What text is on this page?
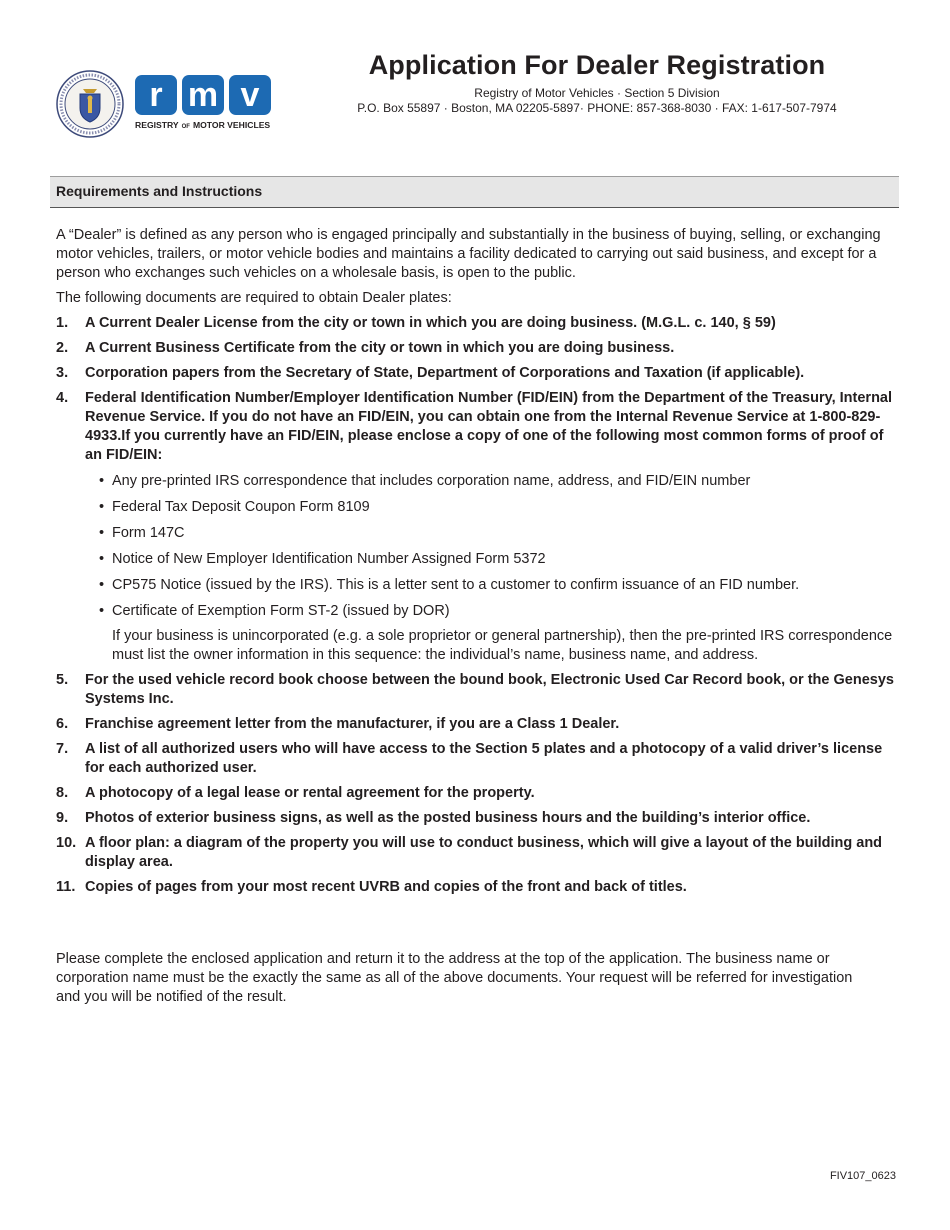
r m v
REGISTRY OF MOTOR VEHICLES
Application For Dealer Registration
Registry of Motor Vehicles · Section 5 Division
P.O. Box 55897 · Boston, MA 02205-5897· PHONE: 857-368-8030 · FAX: 1-617-507-7974
Requirements and Instructions

A “Dealer” is defined as any person who is engaged principally and substantially in the business of buying, selling, or exchanging motor vehicles, trailers, or motor vehicle bodies and maintains a facility dedicated to carrying out said business, and except for a person who exchanges such vehicles on a wholesale basis, is open to the public.

The following documents are required to obtain Dealer plates:

1. A Current Dealer License from the city or town in which you are doing business. (M.G.L. c. 140, § 59)
2. A Current Business Certificate from the city or town in which you are doing business.
3. Corporation papers from the Secretary of State, Department of Corporations and Taxation (if applicable).
4. Federal Identification Number/Employer Identification Number (FID/EIN) from the Department of the Treasury, Internal Revenue Service. If you do not have an FID/EIN, you can obtain one from the Internal Revenue Service at 1-800-829-4933.If you currently have an FID/EIN, please enclose a copy of one of the following most common forms of proof of an FID/EIN:
• Any pre-printed IRS correspondence that includes corporation name, address, and FID/EIN number
• Federal Tax Deposit Coupon Form 8109
• Form 147C
• Notice of New Employer Identification Number Assigned Form 5372
• CP575 Notice (issued by the IRS). This is a letter sent to a customer to confirm issuance of an FID number.
• Certificate of Exemption Form ST-2 (issued by DOR)
If your business is unincorporated (e.g. a sole proprietor or general partnership), then the pre-printed IRS correspondence must list the owner information in this sequence: the individual’s name, business name, and address.
5. For the used vehicle record book choose between the bound book, Electronic Used Car Record book, or the Genesys Systems Inc.
6. Franchise agreement letter from the manufacturer, if you are a Class 1 Dealer.
7. A list of all authorized users who will have access to the Section 5 plates and a photocopy of a valid driver’s license for each authorized user.
8. A photocopy of a legal lease or rental agreement for the property.
9. Photos of exterior business signs, as well as the posted business hours and the building’s interior office.
10. A floor plan: a diagram of the property you will use to conduct business, which will give a layout of the building and display area.
11. Copies of pages from your most recent UVRB and copies of the front and back of titles.
Please complete the enclosed application and return it to the address at the top of the application. The business name or corporation name must be the exactly the same as all of the above documents. Your request will be referred for investigation and you will be notified of the result.
FIV107_0623
